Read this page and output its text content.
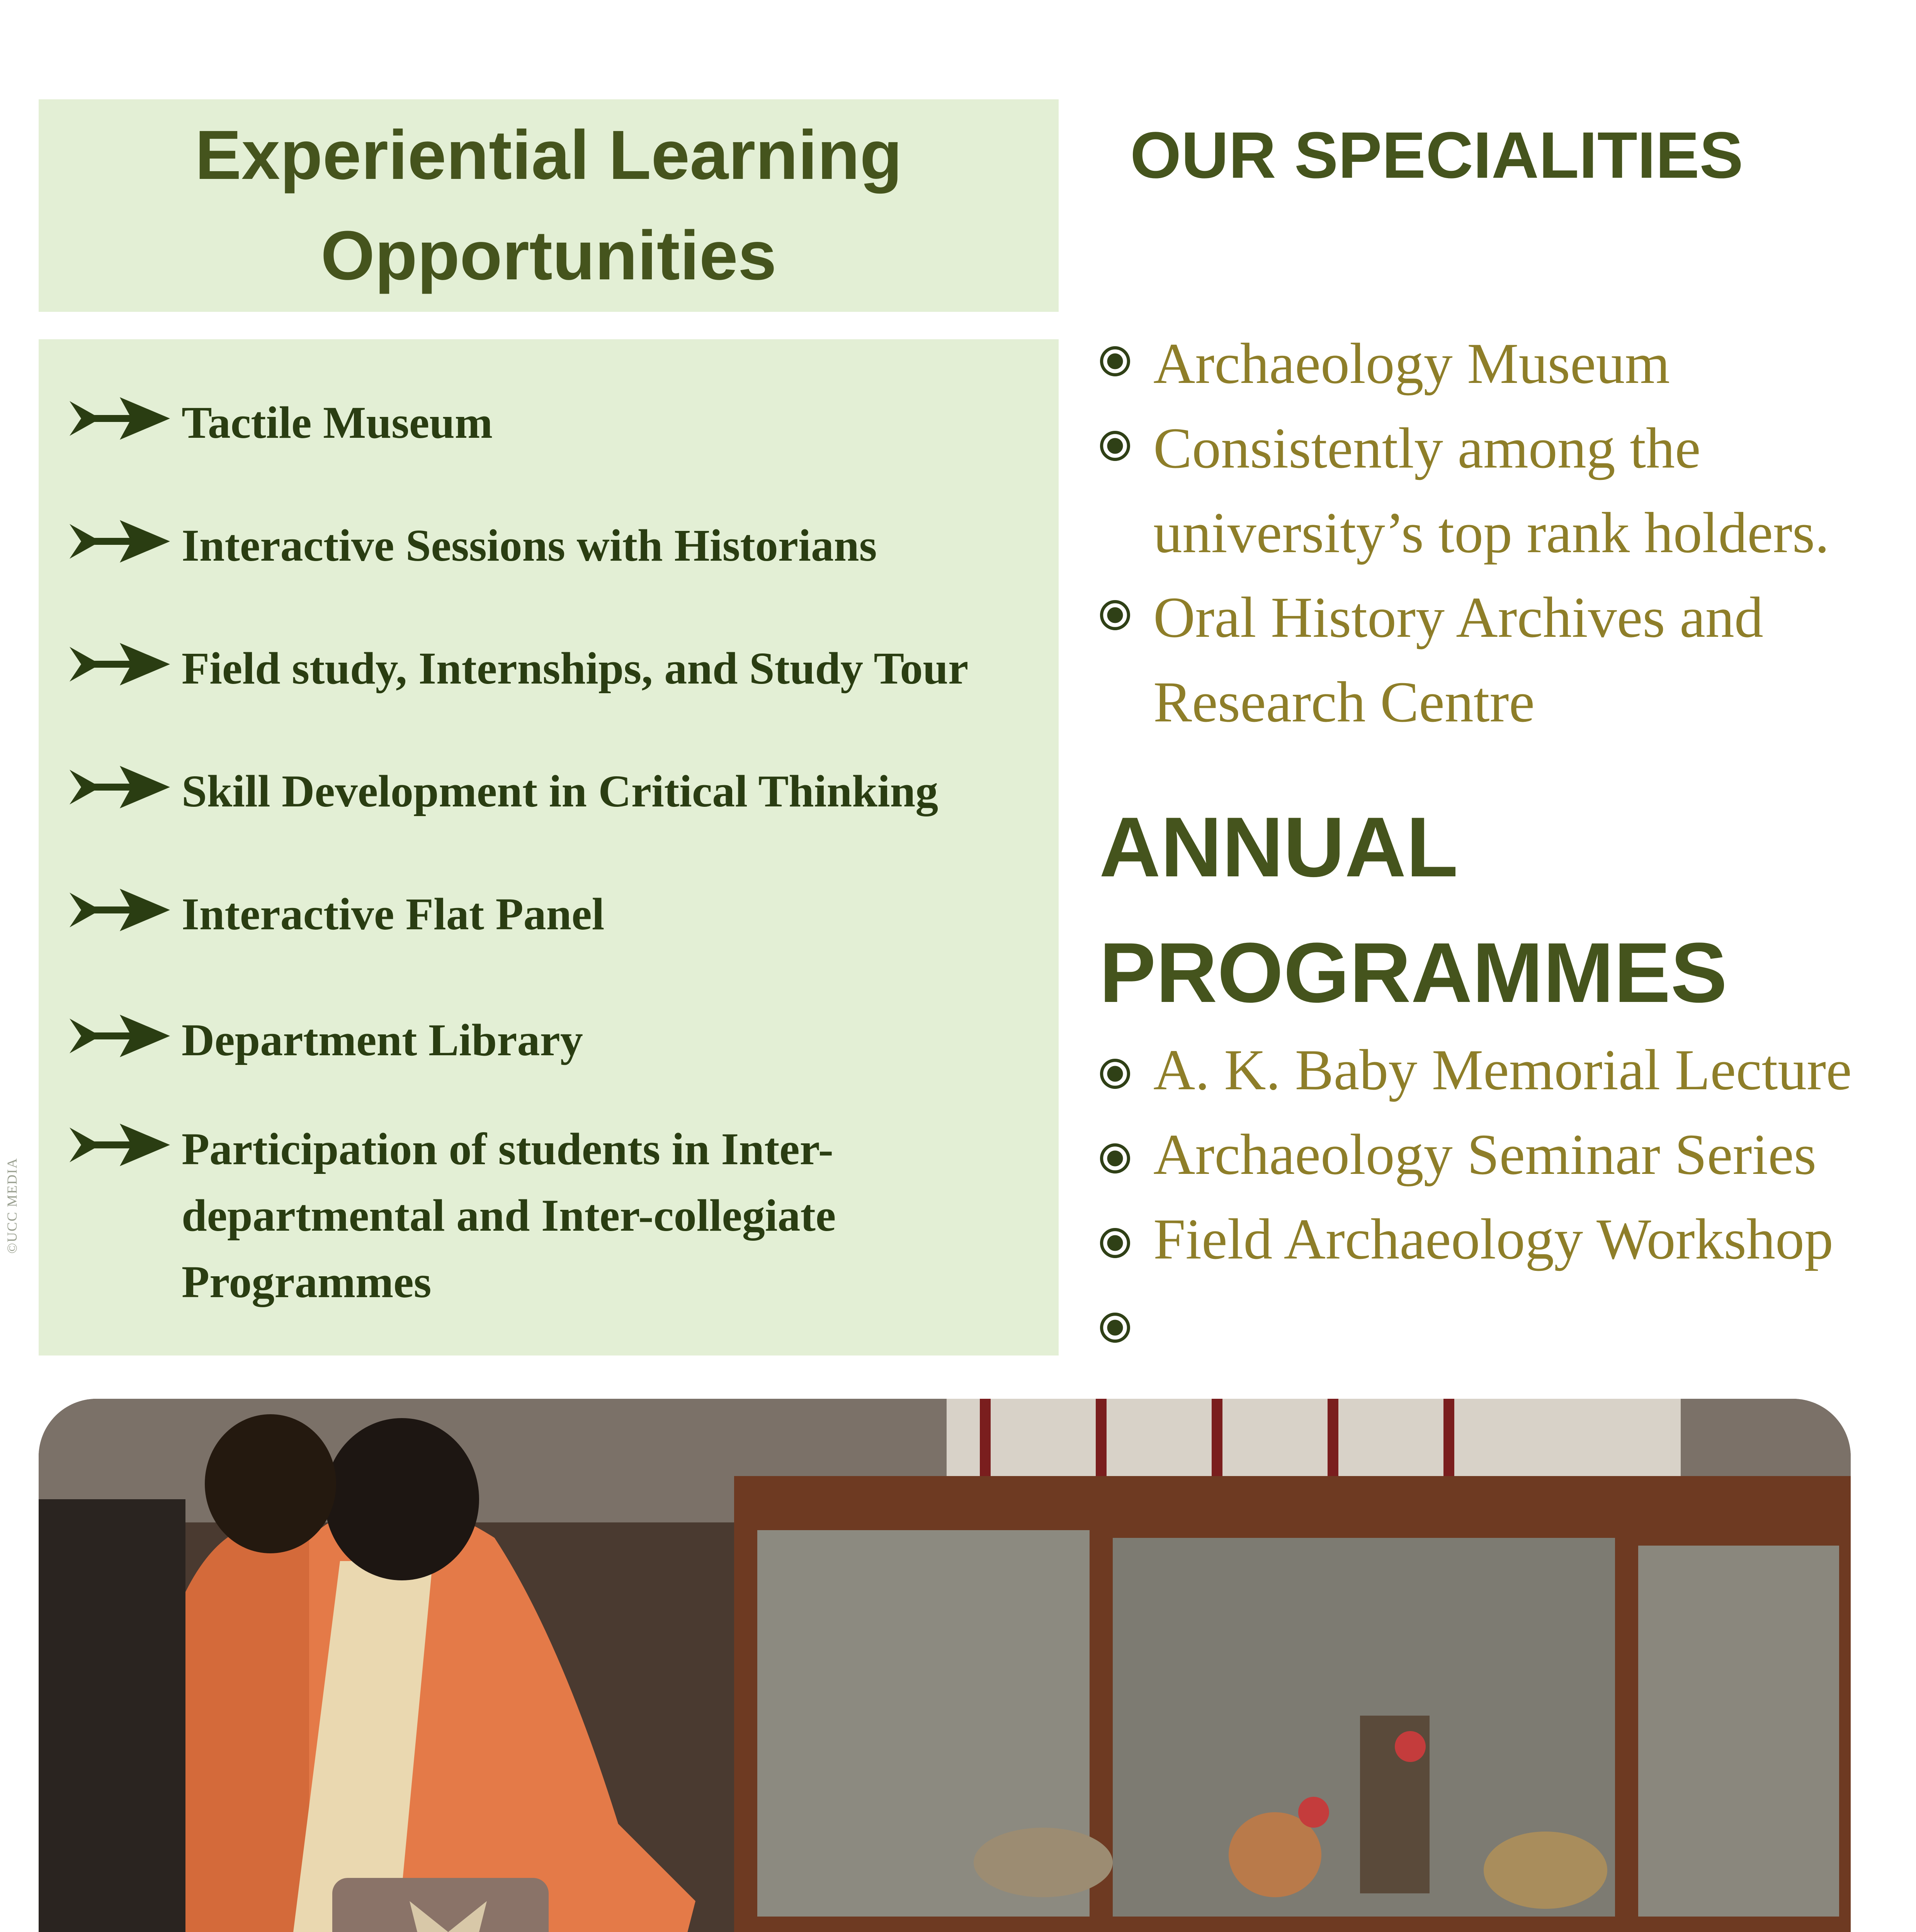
Experiential Learning Opportunities
Tactile Museum
Interactive Sessions with Historians
Field study, Internships, and Study Tour
Skill Development in Critical Thinking
Interactive Flat Panel
Department Library
Participation of students in Inter-departmental and Inter-collegiate Programmes
©UCC MEDIA
OUR SPECIALITIES
Archaeology Museum
Consistently among the
university’s top rank holders.
Oral History Archives and
Research Centre
ANNUAL PROGRAMMES
A. K. Baby Memorial Lecture
Archaeology Seminar Series
Field Archaeology Workshop
